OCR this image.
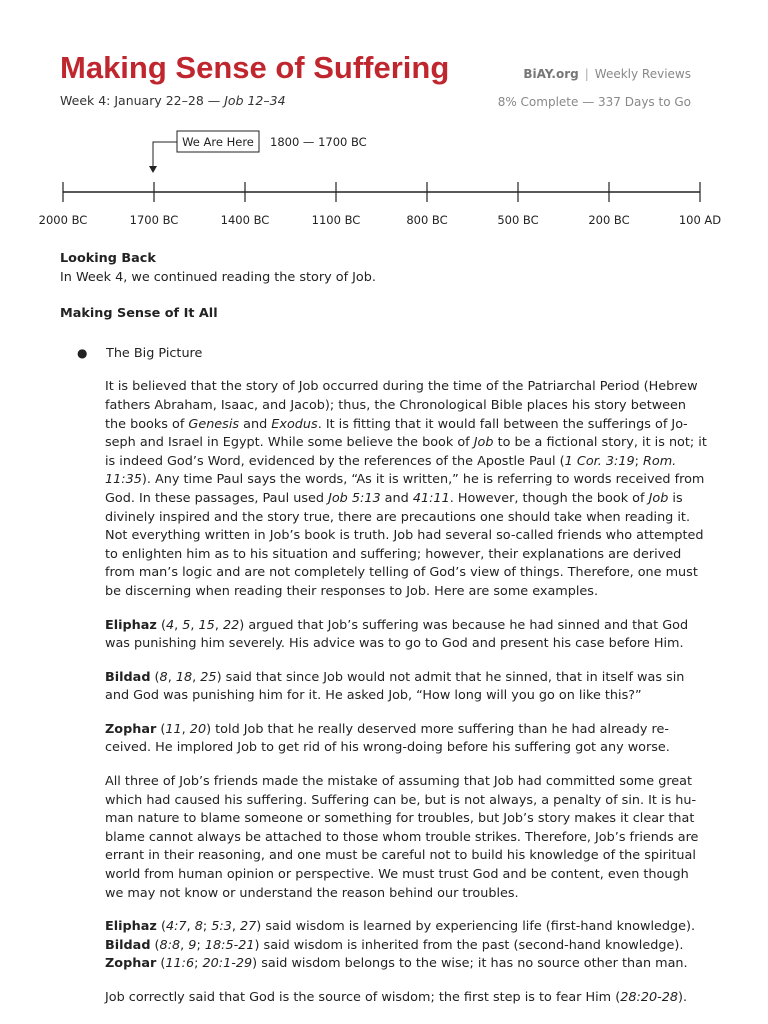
Making Sense of Suffering	BiAY.org | Weekly Reviews
Week 4: January 22–28 — Job 12–34	8% Complete — 337 Days to Go
We Are Here 1800 — 1700 BC
2000 BC	1700 BC	1400 BC	1100 BC	800 BC	500 BC	200 BC	100 AD
Looking Back

In Week 4, we continued reading the story of Job.

Making Sense of It All
●	The Big Picture

It is believed that the story of Job occurred during the time of the Patriarchal Period (Hebrew fathers Abraham, Isaac, and Jacob); thus, the Chronological Bible places his story between the books of Genesis and Exodus. It is fitting that it would fall between the sufferings of Joseph and Israel in Egypt. While some believe the book of Job to be a fictional story, it is not; it is indeed God’s Word, evidenced by the references of the Apostle Paul (1 Cor. 3:19; Rom. 11:35). Any time Paul says the words, “As it is written,” he is referring to words received from God. In these passages, Paul used Job 5:13 and 41:11. However, though the book of Job is divinely inspired and the story true, there are precautions one should take when reading it. Not everything written in Job’s book is truth. Job had several so-called friends who attempted to enlighten him as to his situation and suffering; however, their explanations are derived from man’s logic and are not completely telling of God’s view of things. Therefore, one must be discerning when reading their responses to Job. Here are some examples.

Eliphaz (4, 5, 15, 22) argued that Job’s suffering was because he had sinned and that God was punishing him severely. His advice was to go to God and present his case before Him.

Bildad (8, 18, 25) said that since Job would not admit that he sinned, that in itself was sin and God was punishing him for it. He asked Job, “How long will you go on like this?”

Zophar (11, 20) told Job that he really deserved more suffering than he had already received. He implored Job to get rid of his wrong-doing before his suffering got any worse.

All three of Job’s friends made the mistake of assuming that Job had committed some great which had caused his suffering. Suffering can be, but is not always, a penalty of sin. It is human nature to blame someone or something for troubles, but Job’s story makes it clear that blame cannot always be attached to those whom trouble strikes. Therefore, Job’s friends are errant in their reasoning, and one must be careful not to build his knowledge of the spiritual world from human opinion or perspective. We must trust God and be content, even though we may not know or understand the reason behind our troubles.

Eliphaz (4:7, 8; 5:3, 27) said wisdom is learned by experiencing life (first-hand knowledge).
Bildad (8:8, 9; 18:5-21) said wisdom is inherited from the past (second-hand knowledge).
Zophar (11:6; 20:1-29) said wisdom belongs to the wise; it has no source other than man.

Job correctly said that God is the source of wisdom; the first step is to fear Him (28:20-28).
